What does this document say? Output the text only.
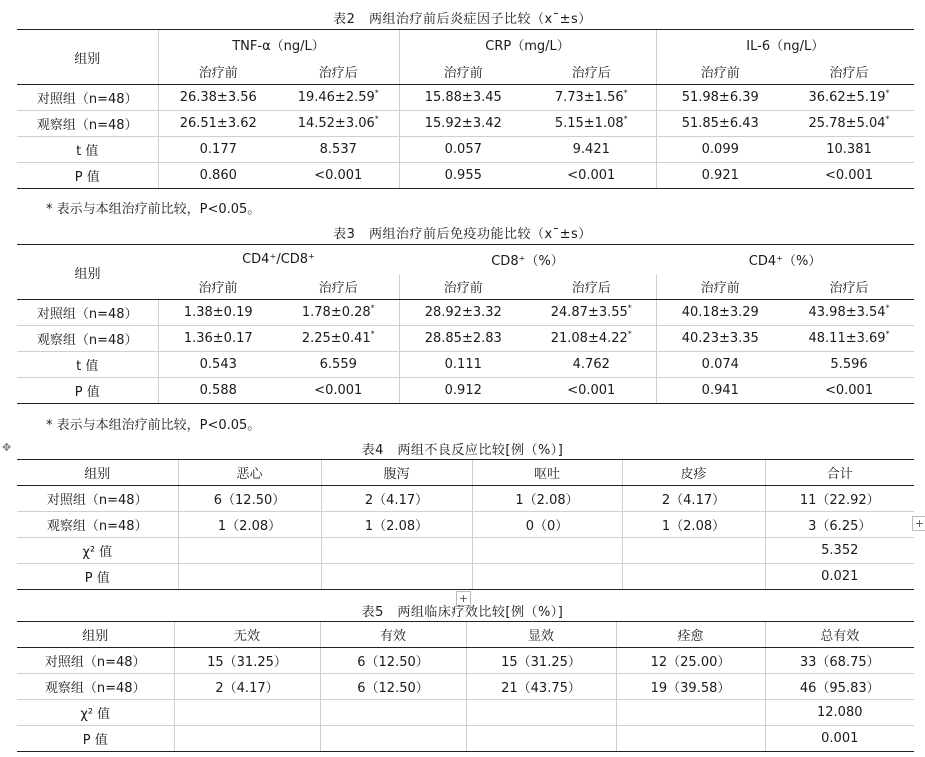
表2　两组治疗前后炎症因子比较（x¯±s）
组别	TNF-α（ng/L）		CRP（mg/L）		IL-6（ng/L）	
	治疗前	治疗后	治疗前	治疗后	治疗前	治疗后
对照组（n=48）	26.38±3.56	19.46±2.59*	15.88±3.45	7.73±1.56*	51.98±6.39	36.62±5.19*
观察组（n=48）	26.51±3.62	14.52±3.06*	15.92±3.42	5.15±1.08*	51.85±6.43	25.78±5.04*
t 值	0.177	8.537	0.057	9.421	0.099	10.381
P 值	0.860	<0.001	0.955	<0.001	0.921	<0.001
* 表示与本组治疗前比较，P<0.05。
表3　两组治疗前后免疫功能比较（x¯±s）
组别	CD4⁺/CD8⁺		CD8⁺（%）		CD4⁺（%）	
	治疗前	治疗后	治疗前	治疗后	治疗前	治疗后
对照组（n=48）	1.38±0.19	1.78±0.28*	28.92±3.32	24.87±3.55*	40.18±3.29	43.98±3.54*
观察组（n=48）	1.36±0.17	2.25±0.41*	28.85±2.83	21.08±4.22*	40.23±3.35	48.11±3.69*
t 值	0.543	6.559	0.111	4.762	0.074	5.596
P 值	0.588	<0.001	0.912	<0.001	0.941	<0.001
* 表示与本组治疗前比较，P<0.05。
✥	表4　两组不良反应比较[例（%）]
组别	恶心	腹泻	呕吐	皮疹	合计
对照组（n=48）	6（12.50）	2（4.17）	1（2.08）	2（4.17）	11（22.92）
观察组（n=48）	1（2.08）	1（2.08）	0（0）	1（2.08）	3（6.25）
χ² 值					5.352
P 值					0.021
+
+
表5　两组临床疗效比较[例（%）]
组别	无效	有效	显效	痊愈	总有效
对照组（n=48）	15（31.25）	6（12.50）	15（31.25）	12（25.00）	33（68.75）
观察组（n=48）	2（4.17）	6（12.50）	21（43.75）	19（39.58）	46（95.83）
χ² 值					12.080
P 值					0.001
